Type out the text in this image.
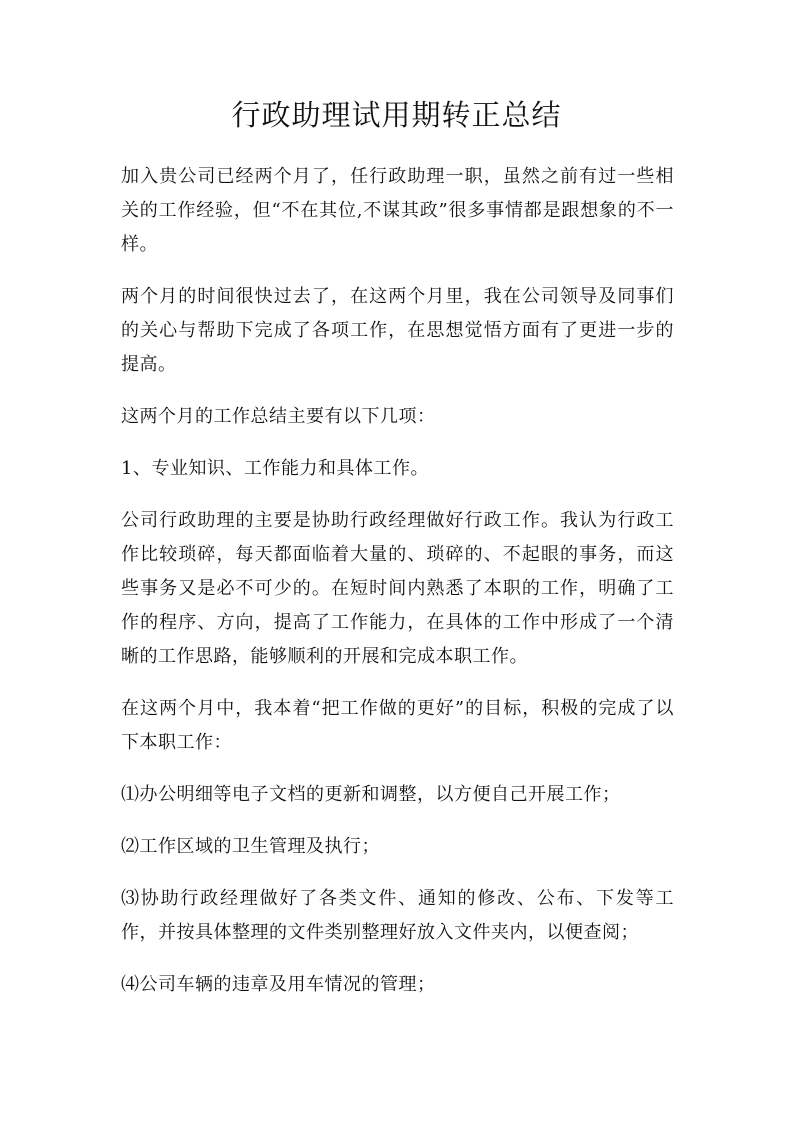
行政助理试用期转正总结

加入贵公司已经两个月了，任行政助理一职，虽然之前有过一些相关的工作经验，但“不在其位,不谋其政”很多事情都是跟想象的不一样。

两个月的时间很快过去了，在这两个月里，我在公司领导及同事们的关心与帮助下完成了各项工作，在思想觉悟方面有了更进一步的提高。

这两个月的工作总结主要有以下几项：

1、专业知识、工作能力和具体工作。

公司行政助理的主要是协助行政经理做好行政工作。我认为行政工作比较琐碎，每天都面临着大量的、琐碎的、不起眼的事务，而这些事务又是必不可少的。在短时间内熟悉了本职的工作，明确了工作的程序、方向，提高了工作能力，在具体的工作中形成了一个清晰的工作思路，能够顺利的开展和完成本职工作。

在这两个月中，我本着“把工作做的更好”的目标，积极的完成了以下本职工作：

⑴办公明细等电子文档的更新和调整，以方便自己开展工作；

⑵工作区域的卫生管理及执行；

⑶协助行政经理做好了各类文件、通知的修改、公布、下发等工作，并按具体整理的文件类别整理好放入文件夹内，以便查阅；

⑷公司车辆的违章及用车情况的管理；
